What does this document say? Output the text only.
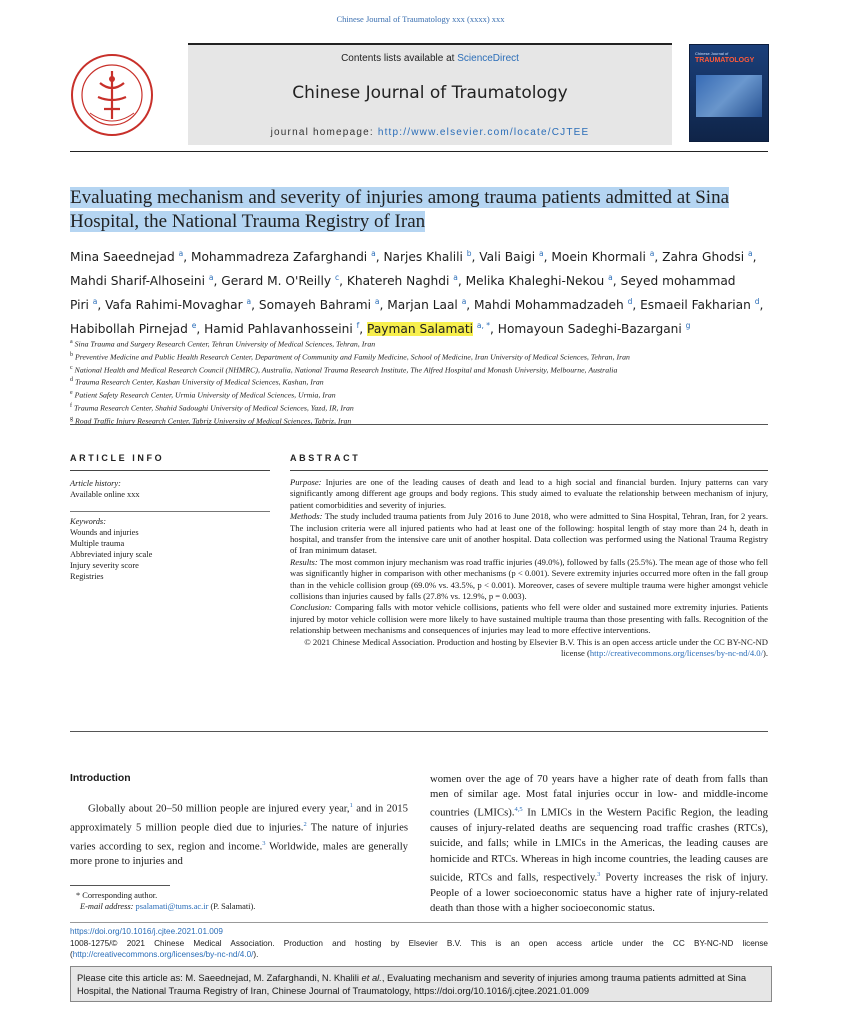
Chinese Journal of Traumatology xxx (xxxx) xxx
Contents lists available at ScienceDirect
Chinese Journal of Traumatology
journal homepage: http://www.elsevier.com/locate/CJTEE
Chinese Journal of
TRAUMATOLOGY
Evaluating mechanism and severity of injuries among trauma patients admitted at Sina Hospital, the National Trauma Registry of Iran
Mina Saeednejad $^a$, Mohammadreza Zafarghandi $^a$, Narjes Khalili $^b$, Vali Baigi $^a$, Moein Khormali $^a$, Zahra Ghodsi $^a$, Mahdi Sharif-Alhoseini $^a$, Gerard M. O'Reilly $^c$, Khatereh Naghdi $^a$, Melika Khaleghi-Nekou $^a$, Seyed mohammad Piri $^a$, Vafa Rahimi-Movaghar $^a$, Somayeh Bahrami $^a$, Marjan Laal $^a$, Mahdi Mohammadzadeh $^d$, Esmaeil Fakharian $^d$, Habibollah Pirnejad $^e$, Hamid Pahlavanhosseini $^f$, Payman Salamati $^{a, *}$, Homayoun Sadeghi-Bazargani $^g$
$^a$ Sina Trauma and Surgery Research Center, Tehran University of Medical Sciences, Tehran, Iran
$^b$ Preventive Medicine and Public Health Research Center, Department of Community and Family Medicine, School of Medicine, Iran University of Medical Sciences, Tehran, Iran
$^c$ National Health and Medical Research Council (NHMRC), Australia, National Trauma Research Institute, The Alfred Hospital and Monash University, Melbourne, Australia
$^d$ Trauma Research Center, Kashan University of Medical Sciences, Kashan, Iran
$^e$ Patient Safety Research Center, Urmia University of Medical Sciences, Urmia, Iran
$^f$ Trauma Research Center, Shahid Sadoughi University of Medical Sciences, Yazd, IR, Iran
$^g$ Road Traffic Injury Research Center, Tabriz University of Medical Sciences, Tabriz, Iran
ARTICLE INFO	ABSTRACT
Article history:
Available online xxx
Keywords:
Wounds and injuries
Multiple trauma
Abbreviated injury scale
Injury severity score
Registries

Purpose: Injuries are one of the leading causes of death and lead to a high social and financial burden. Injury patterns can vary significantly among different age groups and body regions. This study aimed to evaluate the relationship between mechanism of injury, patient comorbidities and severity of injuries.

Methods: The study included trauma patients from July 2016 to June 2018, who were admitted to Sina Hospital, Tehran, Iran, for 2 years. The inclusion criteria were all injured patients who had at least one of the following: hospital length of stay more than 24 h, death in hospital, and transfer from the intensive care unit of another hospital. Data collection was performed using the National Trauma Registry of Iran minimum dataset.

Results: The most common injury mechanism was road traffic injuries (49.0%), followed by falls (25.5%). The mean age of those who fell was significantly higher in comparison with other mechanisms (p < 0.001). Severe extremity injuries occurred more often in the fall group than in the vehicle collision group (69.0% vs. 43.5%, p < 0.001). Moreover, cases of severe multiple trauma were higher amongst vehicle collisions than injuries caused by falls (27.8% vs. 12.9%, p = 0.003).

Conclusion: Comparing falls with motor vehicle collisions, patients who fell were older and sustained more extremity injuries. Patients injured by motor vehicle collision were more likely to have sustained multiple trauma than those presenting with falls. Recognition of the relationship between mechanisms and consequences of injuries may lead to more effective interventions.

© 2021 Chinese Medical Association. Production and hosting by Elsevier B.V. This is an open access article under the CC BY-NC-ND license (http://creativecommons.org/licenses/by-nc-nd/4.0/).

Introduction
Globally about 20–50 million people are injured every year,$^1$ and in 2015 approximately 5 million people died due to injuries.$^2$ The nature of injuries varies according to sex, region and income.$^3$ Worldwide, males are generally more prone to injuries and
women over the age of 70 years have a higher rate of death from falls than men of similar age. Most fatal injuries occur in low- and middle-income countries (LMICs).$^{4,5}$ In LMICs in the Western Pacific Region, the leading causes of injury-related deaths are sequencing road traffic crashes (RTCs), suicide, and falls; while in LMICs in the Americas, the leading causes are homicide and RTCs. Whereas in high income countries, the leading causes are suicide, RTCs and falls, respectively.$^3$ Poverty increases the risk of injury. People of a lower socioeconomic status have a higher rate of injury-related death than those with a higher socioeconomic status.
* Corresponding author.
E-mail address: psalamati@tums.ac.ir (P. Salamati).
https://doi.org/10.1016/j.cjtee.2021.01.009
1008-1275/© 2021 Chinese Medical Association. Production and hosting by Elsevier B.V. This is an open access article under the CC BY-NC-ND license (http://creativecommons.org/licenses/by-nc-nd/4.0/).
Please cite this article as: M. Saeednejad, M. Zafarghandi, N. Khalili et al., Evaluating mechanism and severity of injuries among trauma patients admitted at Sina Hospital, the National Trauma Registry of Iran, Chinese Journal of Traumatology, https://doi.org/10.1016/j.cjtee.2021.01.009
